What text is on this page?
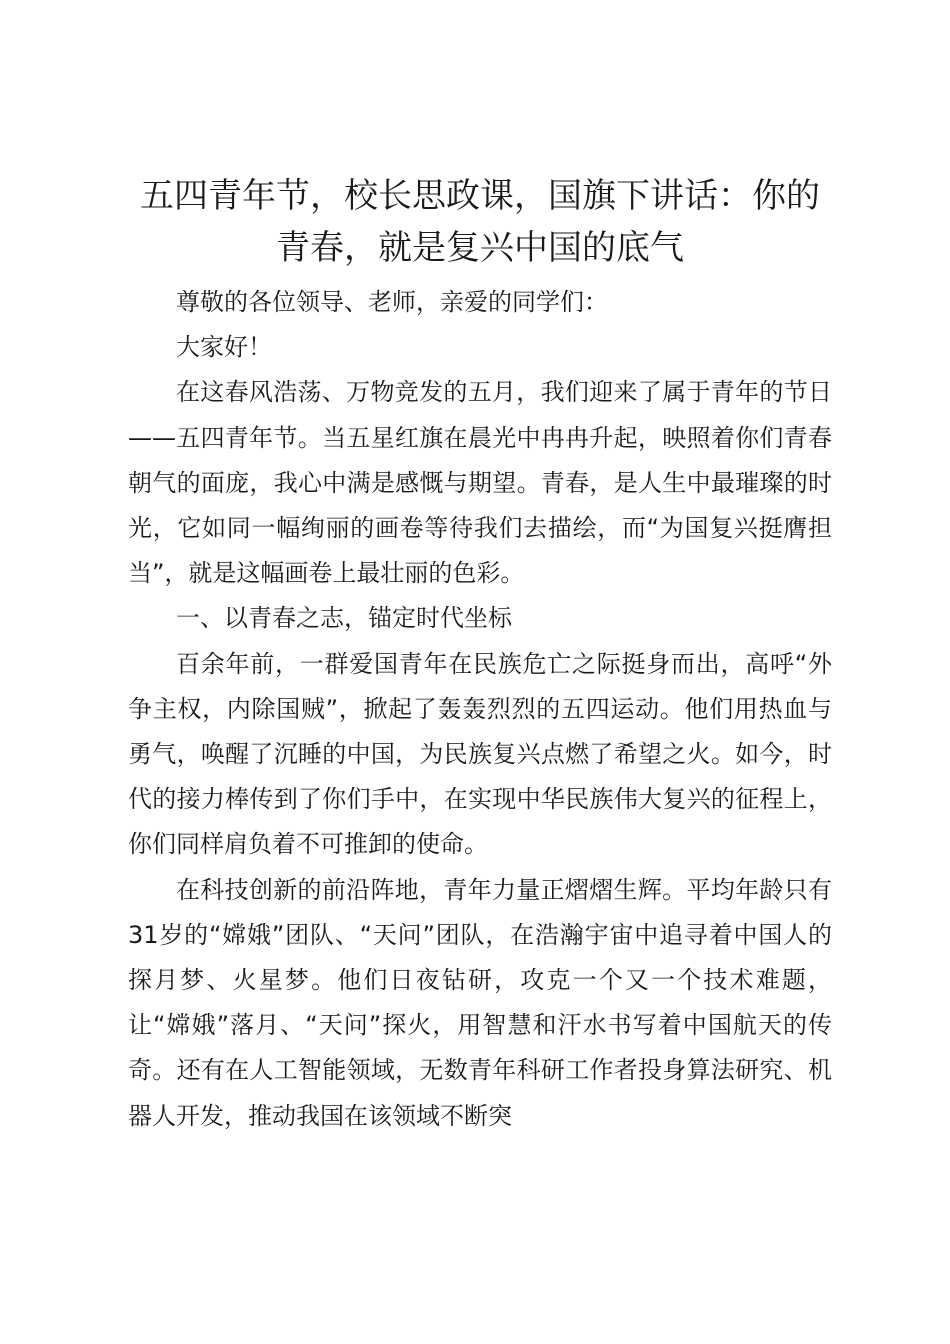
五四青年节，校长思政课，国旗下讲话：你的青春，就是复兴中国的底气

尊敬的各位领导、老师，亲爱的同学们：

大家好！

在这春风浩荡、万物竞发的五月，我们迎来了属于青年的节日——五四青年节。当五星红旗在晨光中冉冉升起，映照着你们青春朝气的面庞，我心中满是感慨与期望。青春，是人生中最璀璨的时光，它如同一幅绚丽的画卷等待我们去描绘，而“为国复兴挺膺担当”，就是这幅画卷上最壮丽的色彩。

一、以青春之志，锚定时代坐标

百余年前，一群爱国青年在民族危亡之际挺身而出，高呼“外争主权，内除国贼”，掀起了轰轰烈烈的五四运动。他们用热血与勇气，唤醒了沉睡的中国，为民族复兴点燃了希望之火。如今，时代的接力棒传到了你们手中，在实现中华民族伟大复兴的征程上，你们同样肩负着不可推卸的使命。

在科技创新的前沿阵地，青年力量正熠熠生辉。平均年龄只有31岁的“嫦娥”团队、“天问”团队，在浩瀚宇宙中追寻着中国人的探月梦、火星梦。他们日夜钻研，攻克一个又一个技术难题，让“嫦娥”落月、“天问”探火，用智慧和汗水书写着中国航天的传奇。还有在人工智能领域，无数青年科研工作者投身算法研究、机器人开发，推动我国在该领域不断突
